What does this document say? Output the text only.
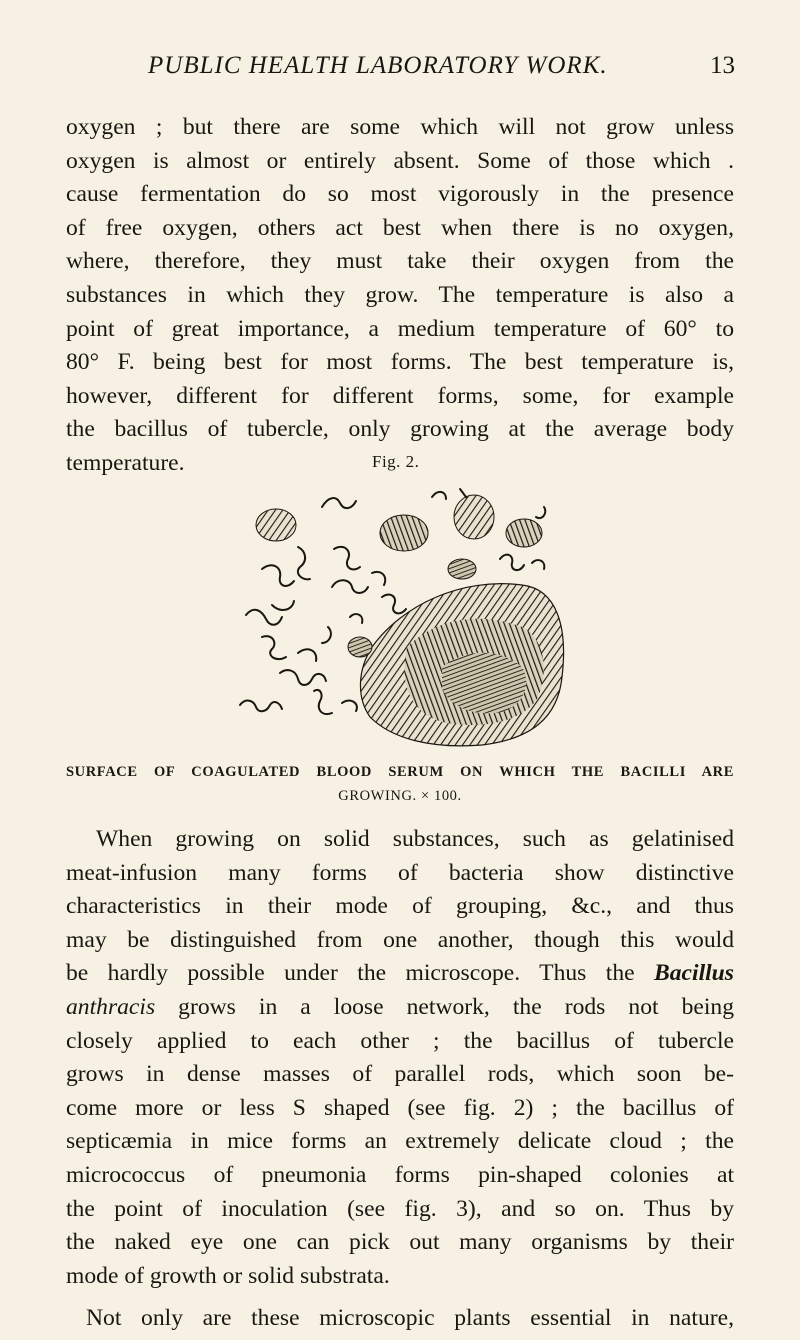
PUBLIC HEALTH LABORATORY WORK.	13
oxygen ; but there are some which will not grow unless
oxygen is almost or entirely absent. Some of those which .
cause fermentation do so most vigorously in the presence
of free oxygen, others act best when there is no oxygen,
where, therefore, they must take their oxygen from the
substances in which they grow. The temperature is also a
point of great importance, a medium temperature of 60° to
80° F. being best for most forms. The best temperature is,
however, different for different forms, some, for example
the bacillus of tubercle, only growing at the average body
temperature.	Fig. 2.
SURFACE OF COAGULATED BLOOD SERUM ON WHICH THE BACILLI ARE
GROWING. × 100.
When growing on solid substances, such as gelatinised
meat-infusion many forms of bacteria show distinctive
characteristics in their mode of grouping, &c., and thus
may be distinguished from one another, though this would
be hardly possible under the microscope. Thus the Bacillus
anthracis grows in a loose network, the rods not being
closely applied to each other ; the bacillus of tubercle
grows in dense masses of parallel rods, which soon be-
come more or less S shaped (see fig. 2) ; the bacillus of
septicæmia in mice forms an extremely delicate cloud ; the
micrococcus of pneumonia forms pin-shaped colonies at
the point of inoculation (see fig. 3), and so on. Thus by
the naked eye one can pick out many organisms by their
mode of growth or solid substrata.
Not only are these microscopic plants essential in nature,
